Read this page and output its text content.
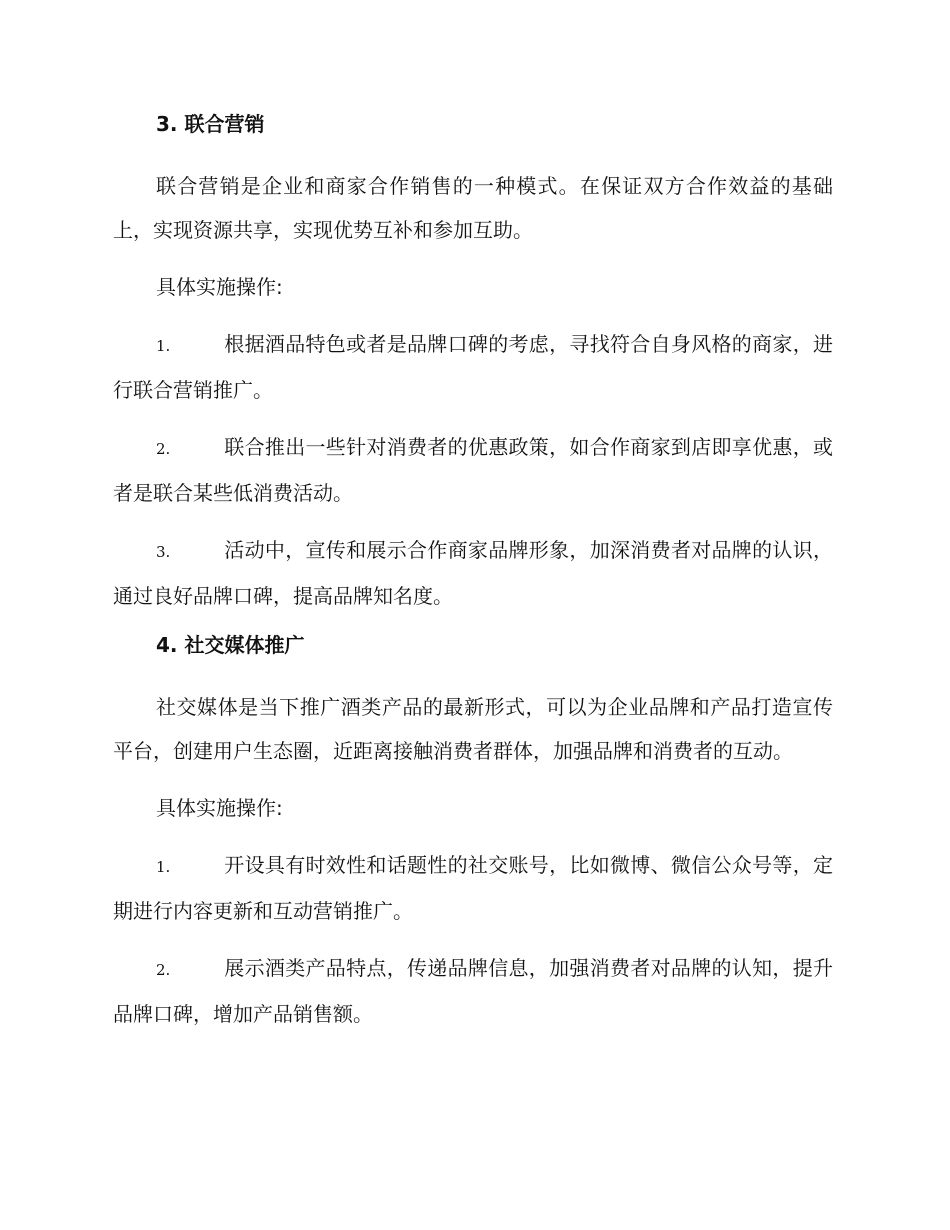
3. 联合营销

联合营销是企业和商家合作销售的一种模式。在保证双方合作效益的基础上，实现资源共享，实现优势互补和参加互助。

具体实施操作:

1.	根据酒品特色或者是品牌口碑的考虑，寻找符合自身风格的商家，进行联合营销推广。

2.	联合推出一些针对消费者的优惠政策，如合作商家到店即享优惠，或者是联合某些低消费活动。

3.	活动中，宣传和展示合作商家品牌形象，加深消费者对品牌的认识，通过良好品牌口碑，提高品牌知名度。

4. 社交媒体推广

社交媒体是当下推广酒类产品的最新形式，可以为企业品牌和产品打造宣传平台，创建用户生态圈，近距离接触消费者群体，加强品牌和消费者的互动。

具体实施操作:

1.	开设具有时效性和话题性的社交账号，比如微博、微信公众号等，定期进行内容更新和互动营销推广。

2.	展示酒类产品特点，传递品牌信息，加强消费者对品牌的认知，提升品牌口碑，增加产品销售额。
